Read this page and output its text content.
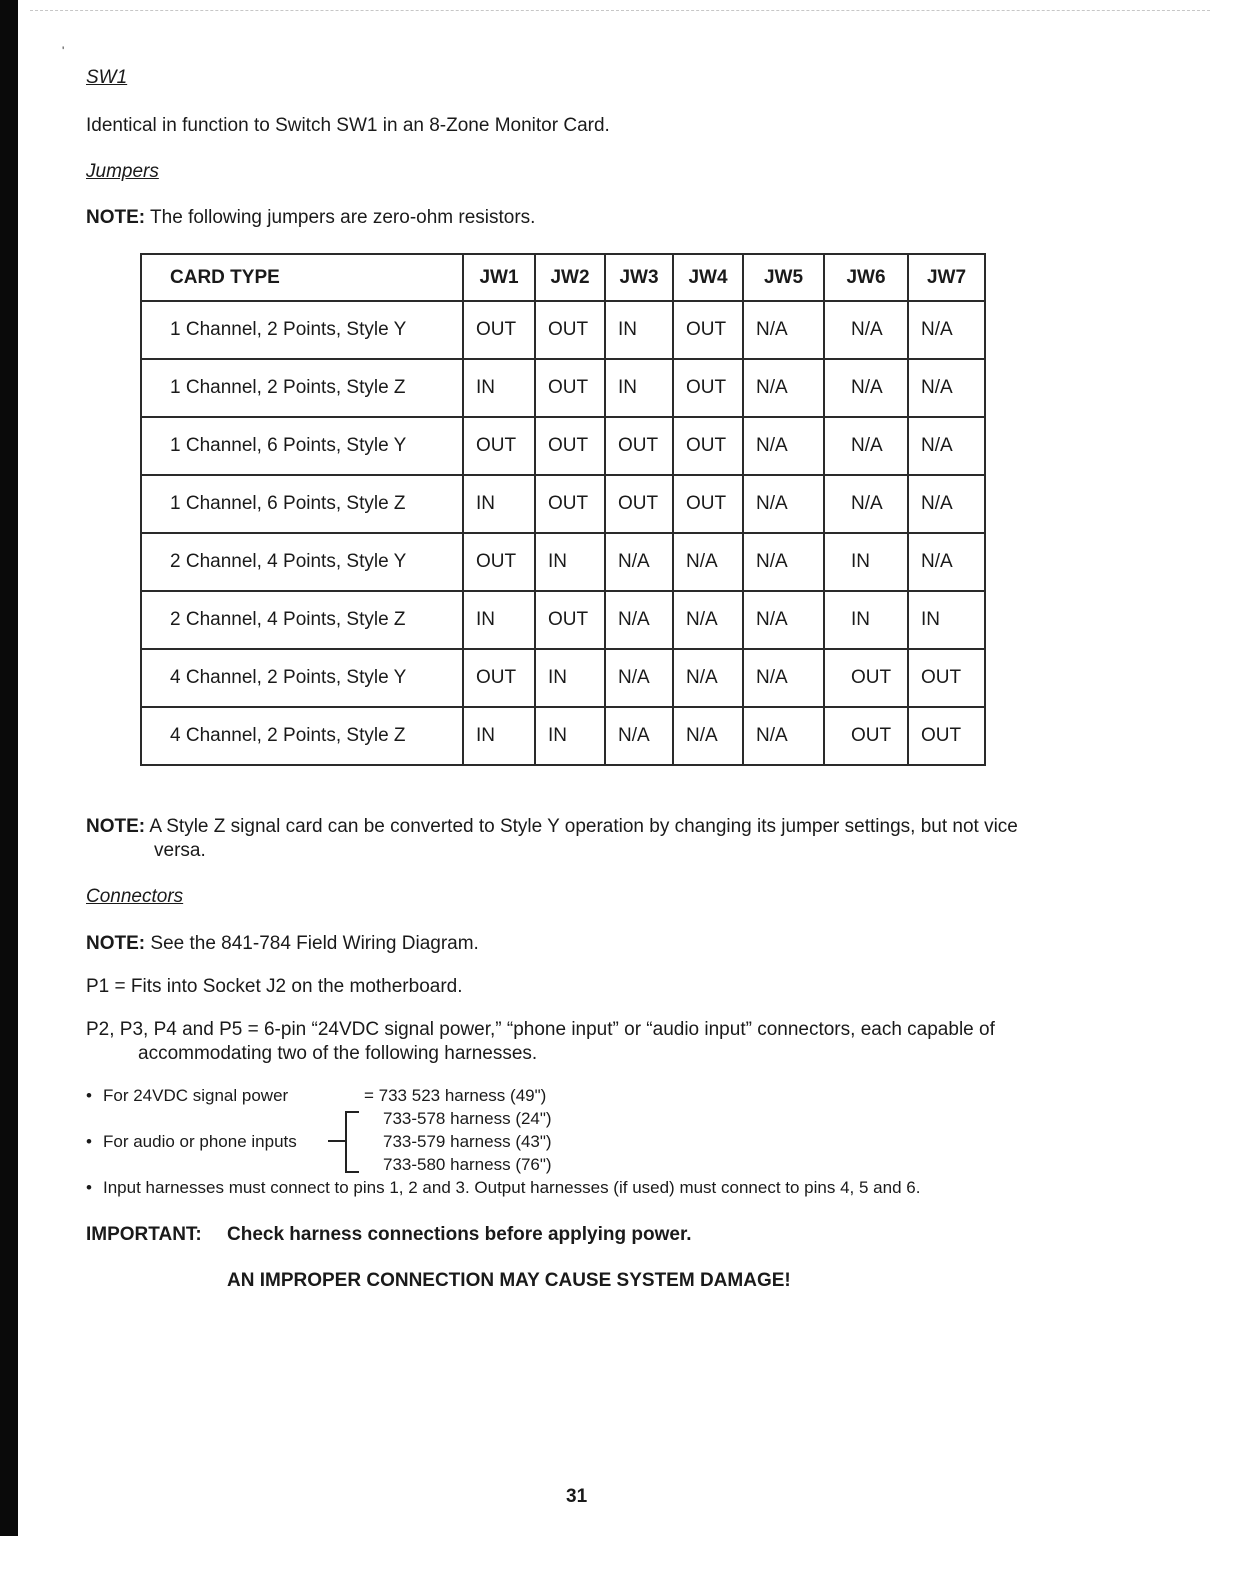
'

SW1

Identical in function to Switch SW1 in an 8-Zone Monitor Card.

Jumpers

NOTE: The following jumpers are zero-ohm resistors.

CARD TYPE	JW1	JW2	JW3	JW4	JW5	JW6	JW7
1 Channel, 2 Points, Style Y	OUT	OUT	IN	OUT	N/A	N/A	N/A
1 Channel, 2 Points, Style Z	IN	OUT	IN	OUT	N/A	N/A	N/A
1 Channel, 6 Points, Style Y	OUT	OUT	OUT	OUT	N/A	N/A	N/A
1 Channel, 6 Points, Style Z	IN	OUT	OUT	OUT	N/A	N/A	N/A
2 Channel, 4 Points, Style Y	OUT	IN	N/A	N/A	N/A	IN	N/A
2 Channel, 4 Points, Style Z	IN	OUT	N/A	N/A	N/A	IN	IN
4 Channel, 2 Points, Style Y	OUT	IN	N/A	N/A	N/A	OUT	OUT
4 Channel, 2 Points, Style Z	IN	IN	N/A	N/A	N/A	OUT	OUT
NOTE: A Style Z signal card can be converted to Style Y operation by changing its jumper settings, but not vice
versa.

Connectors

NOTE: See the 841-784 Field Wiring Diagram.

P1 = Fits into Socket J2 on the motherboard.

P2, P3, P4 and P5 = 6-pin “24VDC signal power,” “phone input” or “audio input” connectors, each capable of
accommodating two of the following harnesses.
• For 24VDC signal power	= 733 523 harness (49")
733-578 harness (24")
• For audio or phone inputs	733-579 harness (43")
733-580 harness (76")
• Input harnesses must connect to pins 1, 2 and 3. Output harnesses (if used) must connect to pins 4, 5 and 6.

IMPORTANT: Check harness connections before applying power.

AN IMPROPER CONNECTION MAY CAUSE SYSTEM DAMAGE!

31
